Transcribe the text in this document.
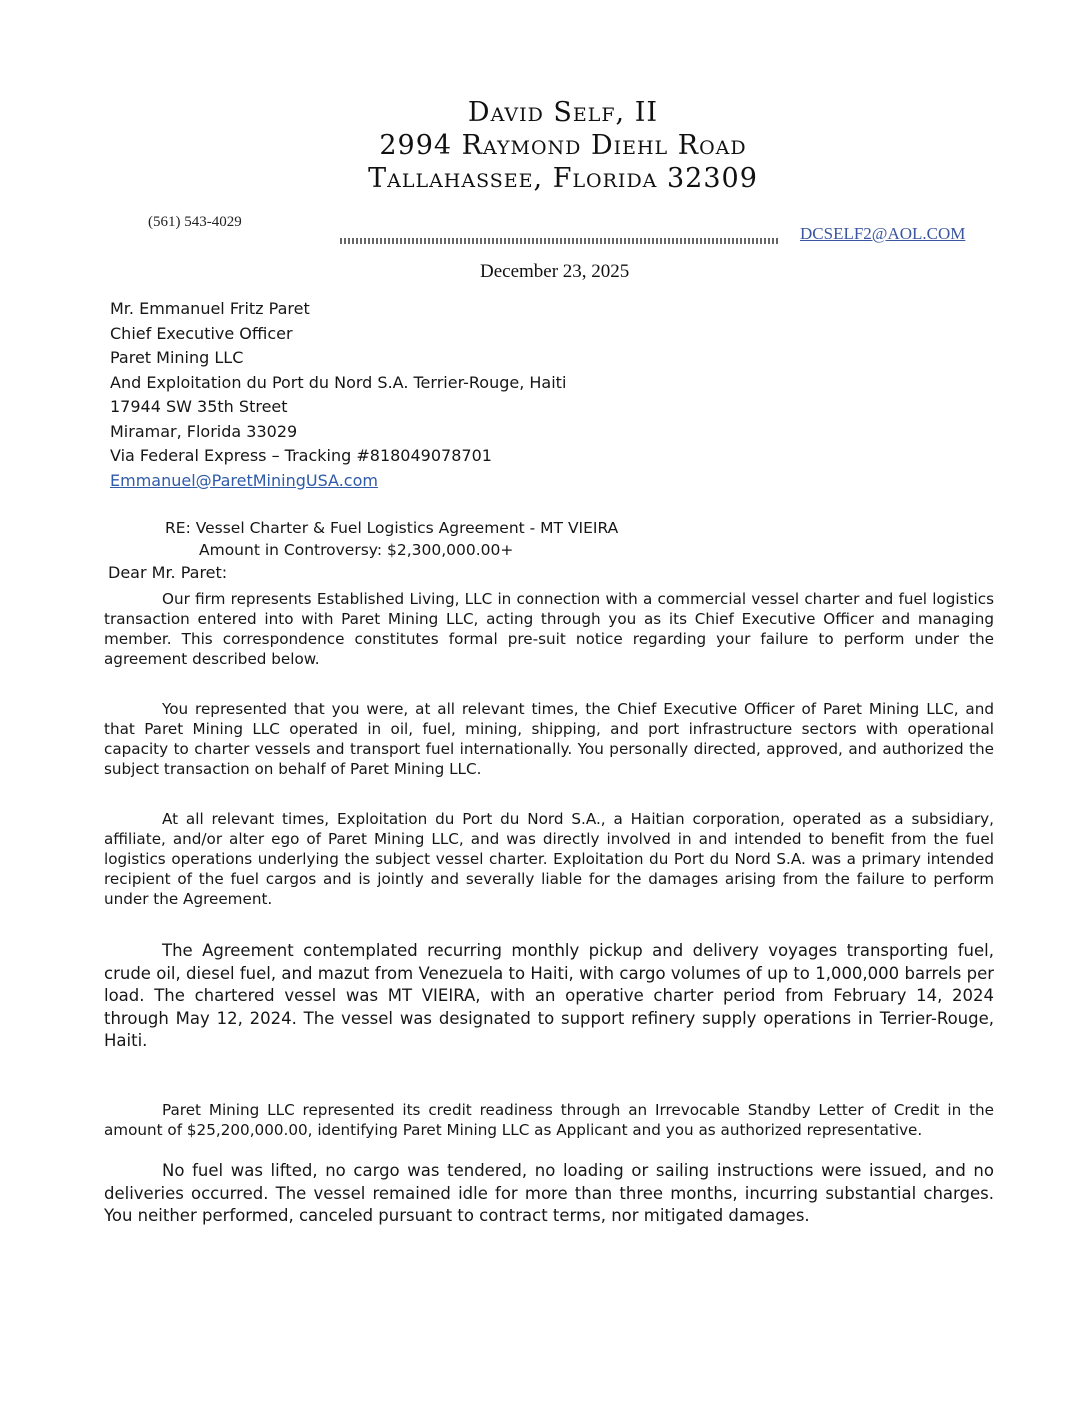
David Self, II
2994 Raymond Diehl Road
Tallahassee, Florida 32309
(561) 543-4029
DCSELF2@AOL.COM
December 23, 2025
Mr. Emmanuel Fritz Paret
Chief Executive Officer
Paret Mining LLC
And Exploitation du Port du Nord S.A. Terrier-Rouge, Haiti
17944 SW 35th Street
Miramar, Florida 33029
Via Federal Express – Tracking #818049078701
Emmanuel@ParetMiningUSA.com
RE: Vessel Charter & Fuel Logistics Agreement - MT VIEIRA
Amount in Controversy: $2,300,000.00+
Dear Mr. Paret:

Our firm represents Established Living, LLC in connection with a commercial vessel charter and fuel logistics transaction entered into with Paret Mining LLC, acting through you as its Chief Executive Officer and managing member. This correspondence constitutes formal pre-suit notice regarding your failure to perform under the agreement described below.

You represented that you were, at all relevant times, the Chief Executive Officer of Paret Mining LLC, and that Paret Mining LLC operated in oil, fuel, mining, shipping, and port infrastructure sectors with operational capacity to charter vessels and transport fuel internationally. You personally directed, approved, and authorized the subject transaction on behalf of Paret Mining LLC.

At all relevant times, Exploitation du Port du Nord S.A., a Haitian corporation, operated as a subsidiary, affiliate, and/or alter ego of Paret Mining LLC, and was directly involved in and intended to benefit from the fuel logistics operations underlying the subject vessel charter. Exploitation du Port du Nord S.A. was a primary intended recipient of the fuel cargos and is jointly and severally liable for the damages arising from the failure to perform under the Agreement.

The Agreement contemplated recurring monthly pickup and delivery voyages transporting fuel, crude oil, diesel fuel, and mazut from Venezuela to Haiti, with cargo volumes of up to 1,000,000 barrels per load. The chartered vessel was MT VIEIRA, with an operative charter period from February 14, 2024 through May 12, 2024. The vessel was designated to support refinery supply operations in Terrier-Rouge, Haiti.

Paret Mining LLC represented its credit readiness through an Irrevocable Standby Letter of Credit in the amount of $25,200,000.00, identifying Paret Mining LLC as Applicant and you as authorized representative.

No fuel was lifted, no cargo was tendered, no loading or sailing instructions were issued, and no deliveries occurred. The vessel remained idle for more than three months, incurring substantial charges. You neither performed, canceled pursuant to contract terms, nor mitigated damages.
